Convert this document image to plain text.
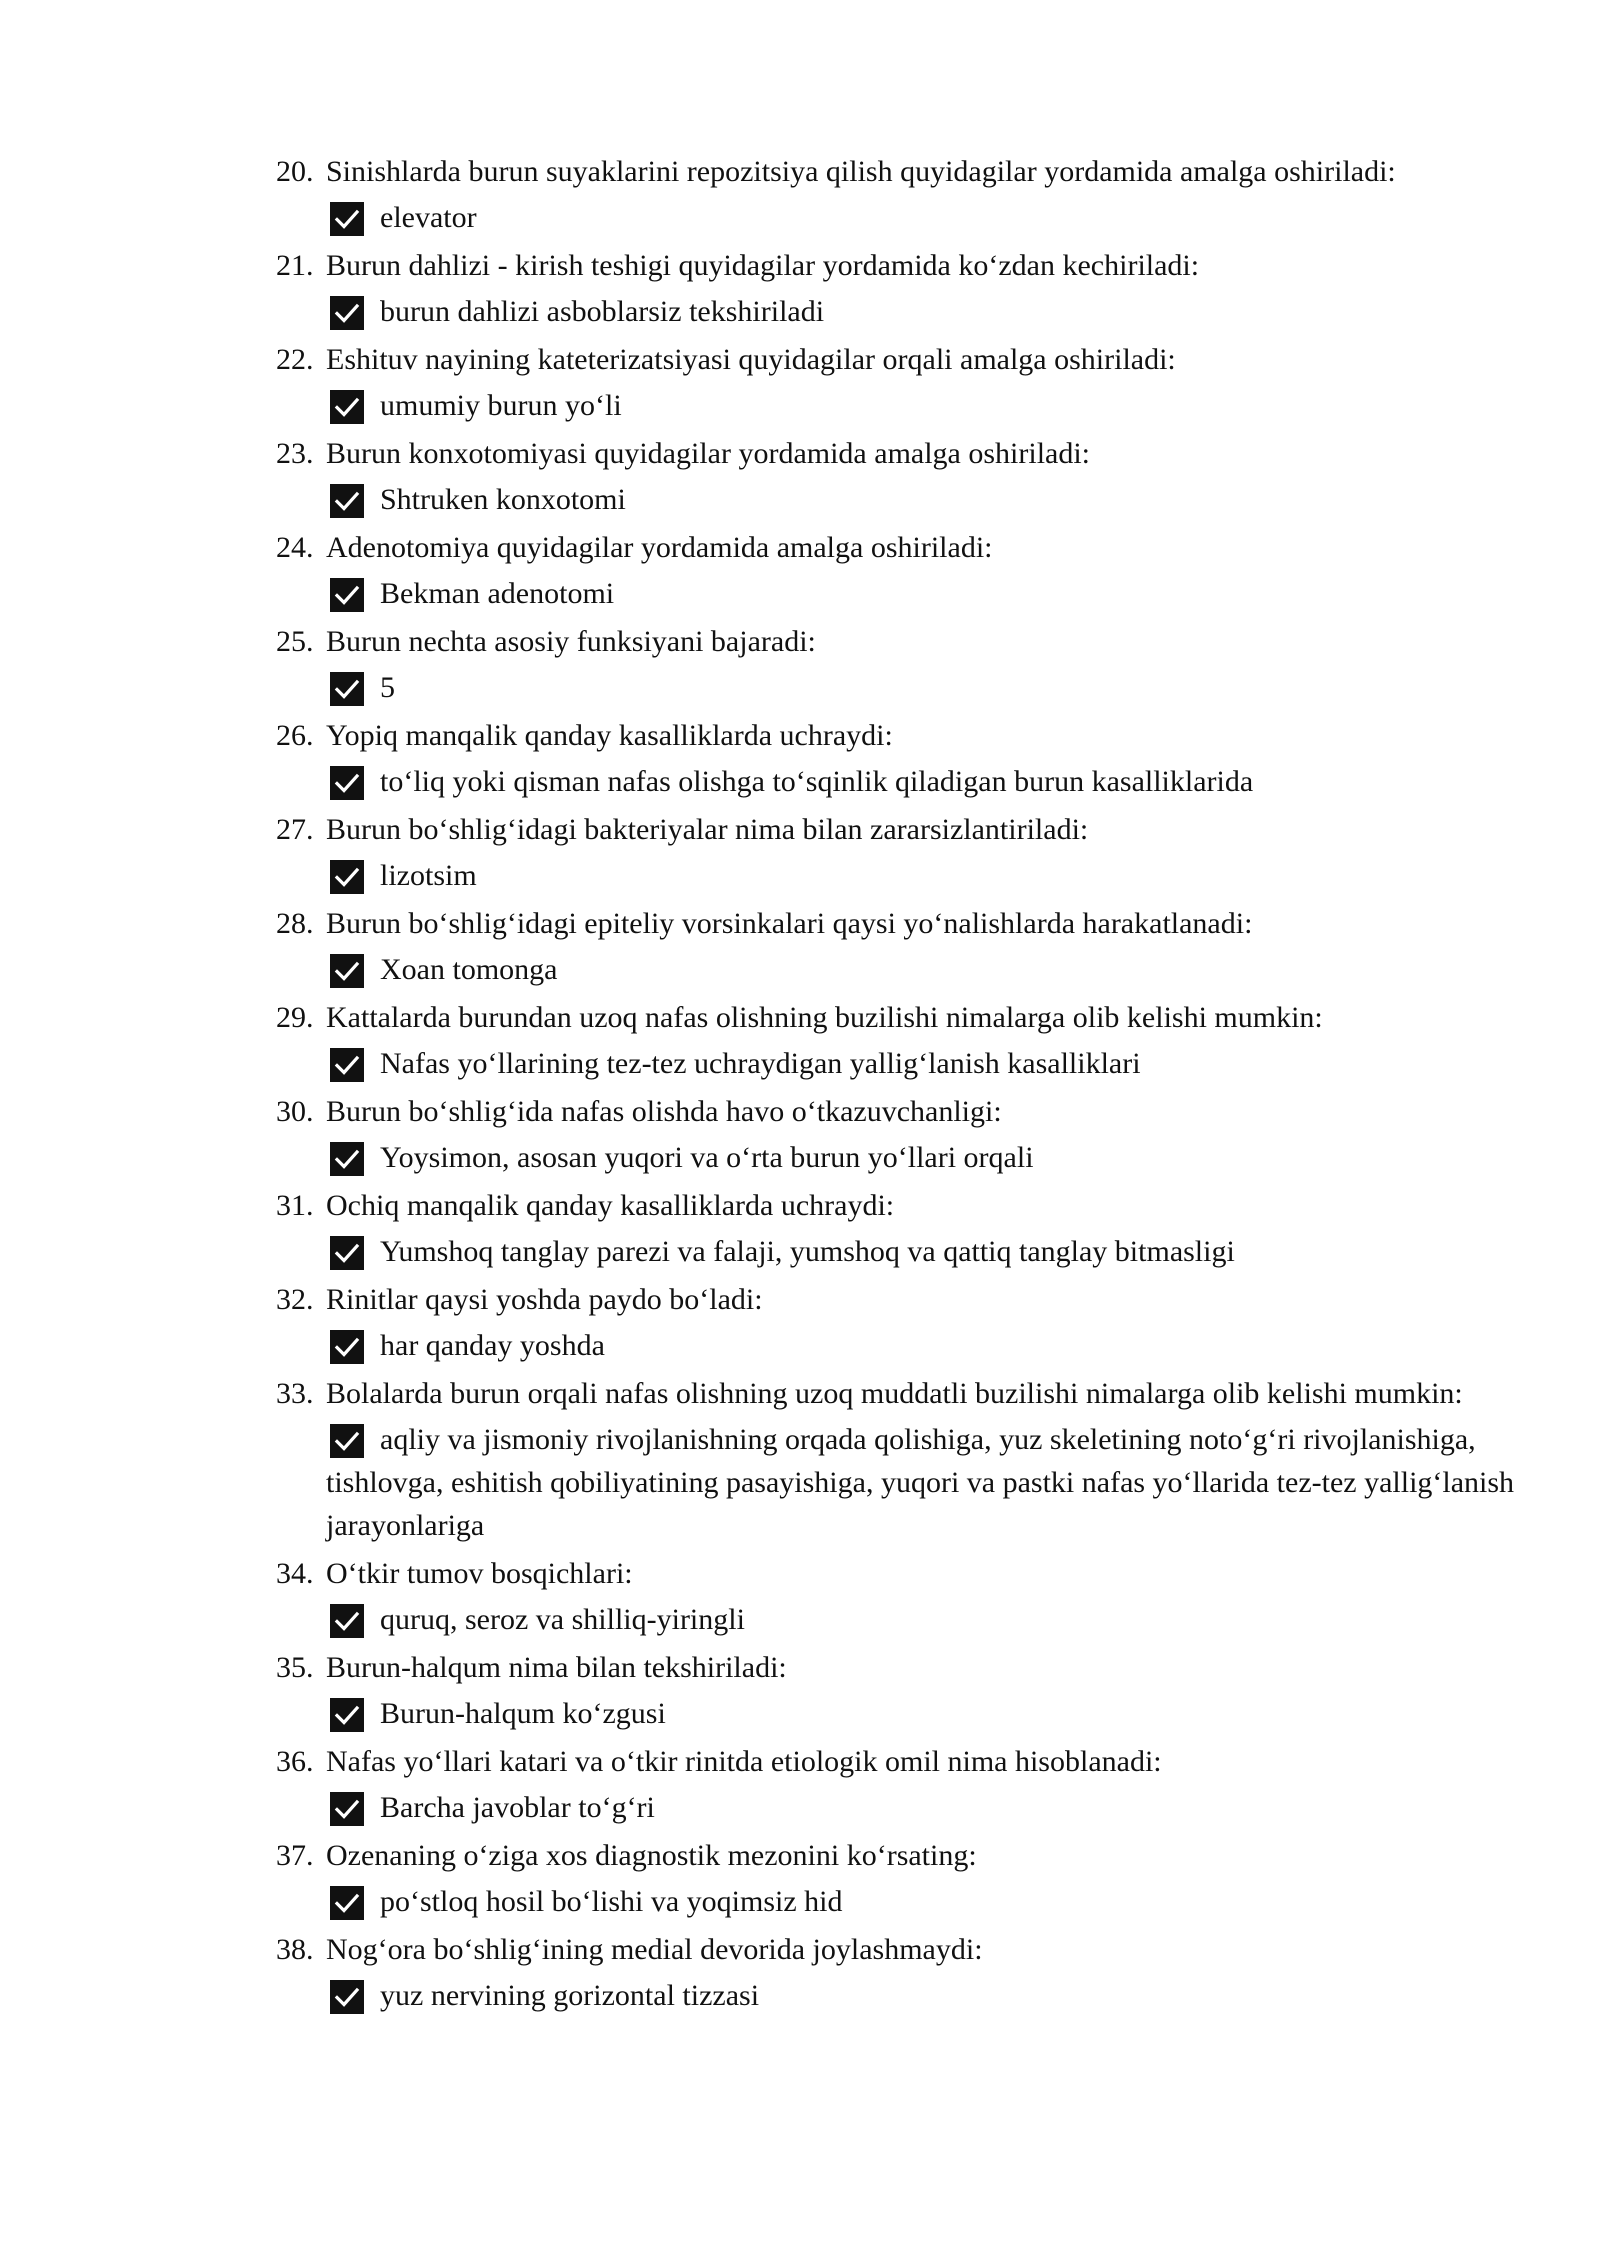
20. Sinishlarda burun suyaklarini repozitsiya qilish quyidagilar yordamida amalga oshiriladi:
elevator
21. Burun dahlizi - kirish teshigi quyidagilar yordamida ko‘zdan kechiriladi:
burun dahlizi asboblarsiz tekshiriladi
22. Eshituv nayining kateterizatsiyasi quyidagilar orqali amalga oshiriladi:
umumiy burun yo‘li
23. Burun konxotomiyasi quyidagilar yordamida amalga oshiriladi:
Shtruken konxotomi
24. Adenotomiya quyidagilar yordamida amalga oshiriladi:
Bekman adenotomi
25. Burun nechta asosiy funksiyani bajaradi:
5
26. Yopiq manqalik qanday kasalliklarda uchraydi:
to‘liq yoki qisman nafas olishga to‘sqinlik qiladigan burun kasalliklarida
27. Burun bo‘shlig‘idagi bakteriyalar nima bilan zararsizlantiriladi:
lizotsim
28. Burun bo‘shlig‘idagi epiteliy vorsinkalari qaysi yo‘nalishlarda harakatlanadi:
Xoan tomonga
29. Kattalarda burundan uzoq nafas olishning buzilishi nimalarga olib kelishi mumkin:
Nafas yo‘llarining tez-tez uchraydigan yallig‘lanish kasalliklari
30. Burun bo‘shlig‘ida nafas olishda havo o‘tkazuvchanligi:
Yoysimon, asosan yuqori va o‘rta burun yo‘llari orqali
31. Ochiq manqalik qanday kasalliklarda uchraydi:
Yumshoq tanglay parezi va falaji, yumshoq va qattiq tanglay bitmasligi
32. Rinitlar qaysi yoshda paydo bo‘ladi:
har qanday yoshda
33. Bolalarda burun orqali nafas olishning uzoq muddatli buzilishi nimalarga olib kelishi mumkin:
aqliy va jismoniy rivojlanishning orqada qolishiga, yuz skeletining noto‘g‘ri rivojlanishiga, tishlovga, eshitish qobiliyatining pasayishiga, yuqori va pastki nafas yo‘llarida tez-tez yallig‘lanish jarayonlariga
34. O‘tkir tumov bosqichlari:
quruq, seroz va shilliq-yiringli
35. Burun-halqum nima bilan tekshiriladi:
Burun-halqum ko‘zgusi
36. Nafas yo‘llari katari va o‘tkir rinitda etiologik omil nima hisoblanadi:
Barcha javoblar to‘g‘ri
37. Ozenaning o‘ziga xos diagnostik mezonini ko‘rsating:
po‘stloq hosil bo‘lishi va yoqimsiz hid
38. Nog‘ora bo‘shlig‘ining medial devorida joylashmaydi:
yuz nervining gorizontal tizzasi
